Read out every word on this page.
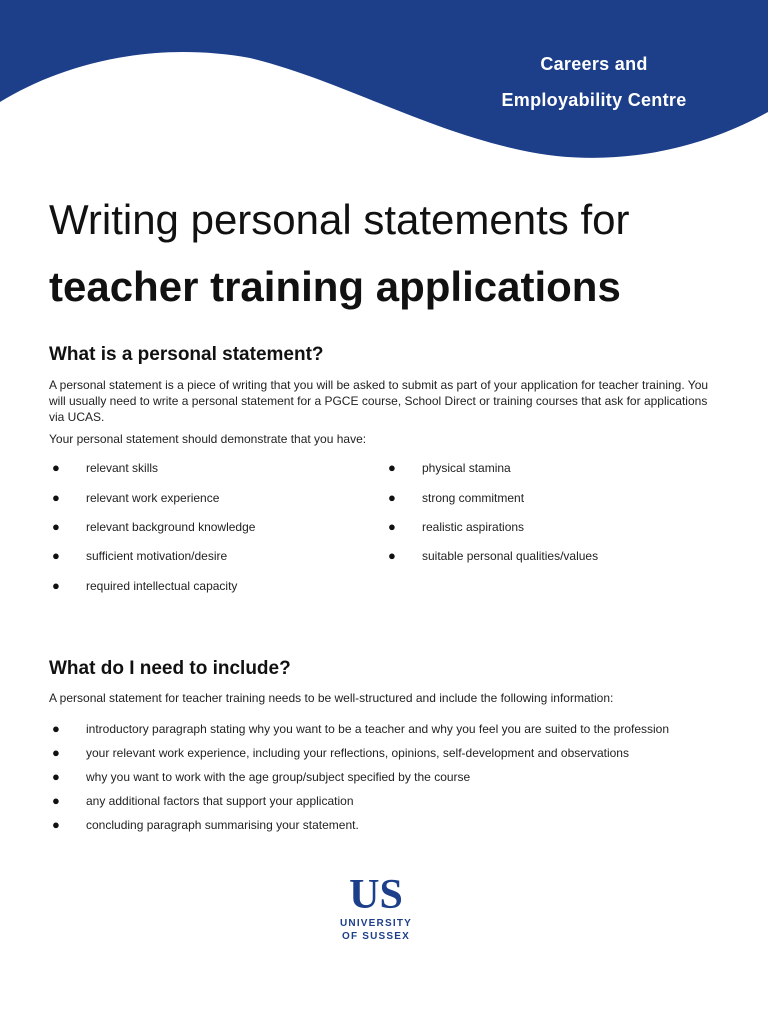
Careers and
Employability Centre
Writing personal statements for
teacher training applications
What is a personal statement?

A personal statement is a piece of writing that you will be asked to submit as part of your application for teacher training. You will usually need to write a personal statement for a PGCE course, School Direct or training courses that ask for applications via UCAS.

Your personal statement should demonstrate that you have:

● relevant skills
● relevant work experience
● relevant background knowledge
● sufficient motivation/desire
● required intellectual capacity
● physical stamina
● strong commitment
● realistic aspirations
● suitable personal qualities/values
What do I need to include?

A personal statement for teacher training needs to be well-structured and include the following information:

● introductory paragraph stating why you want to be a teacher and why you feel you are suited to the profession
● your relevant work experience, including your reflections, opinions, self-development and observations
● why you want to work with the age group/subject specified by the course
● any additional factors that support your application
● concluding paragraph summarising your statement.
US
UNIVERSITY
OF SUSSEX
